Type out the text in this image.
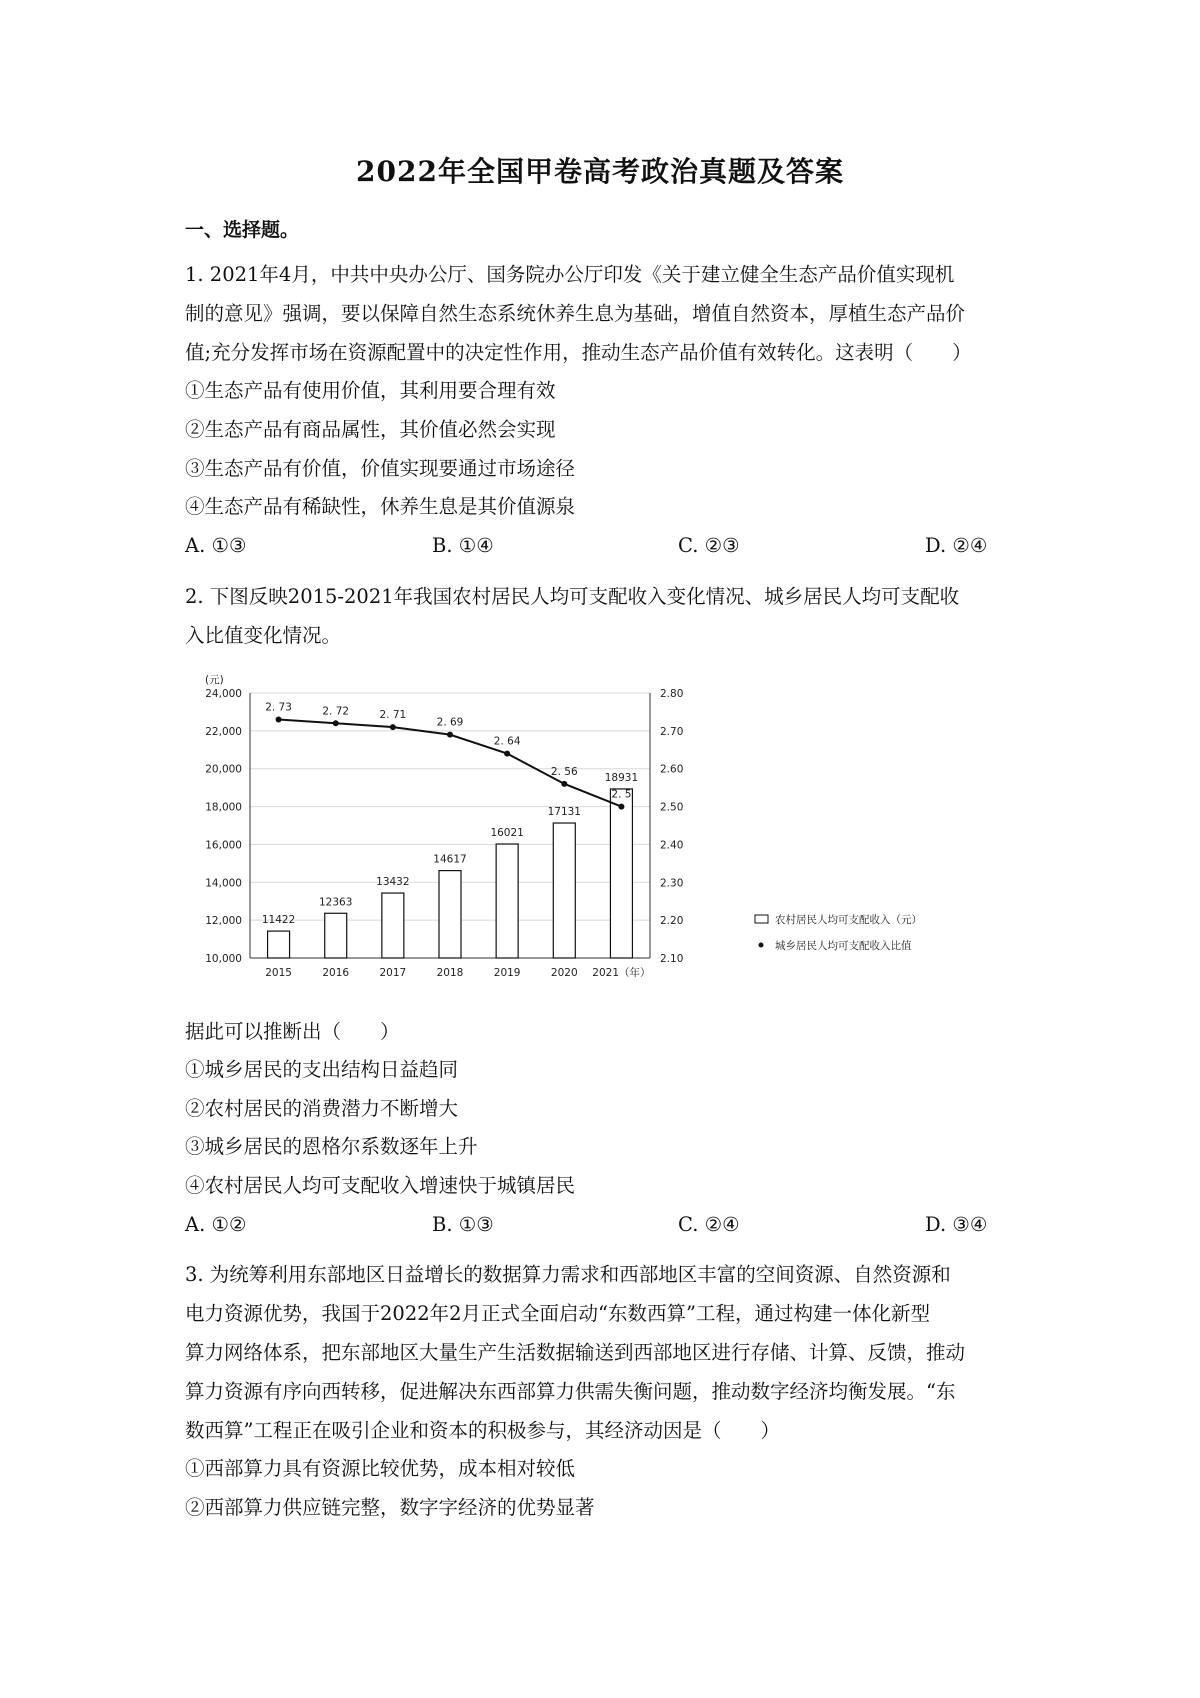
2022年全国甲卷高考政治真题及答案
一、选择题。
1. 2021年4月，中共中央办公厅、国务院办公厅印发《关于建立健全生态产品价值实现机
制的意见》强调，要以保障自然生态系统休养生息为基础，增值自然资本，厚植生态产品价
值;充分发挥市场在资源配置中的决定性作用，推动生态产品价值有效转化。这表明（　　）
①生态产品有使用价值，其利用要合理有效
②生态产品有商品属性，其价值必然会实现
③生态产品有价值，价值实现要通过市场途径
④生态产品有稀缺性，休养生息是其价值源泉
A. ①③	B. ①④	C. ②③	D. ②④
2. 下图反映2015-2021年我国农村居民人均可支配收入变化情况、城乡居民人均可支配收
入比值变化情况。
(元)
24,000
22,000
20,000
18,000
16,000
14,000
12,000
10,000
2.80
2.70
2.60
2.50
2.40
2.30
2.20
2.10
2015	2016	2017	2018	2019	2020 2021（年）
11422
12363
13432
14617
16021
17131
18931
2. 73	2. 72	2. 71
2. 69
2. 64
2. 56
2. 5
农村居民人均可支配收入（元）
城乡居民人均可支配收入比值
据此可以推断出（　　）
①城乡居民的支出结构日益趋同
②农村居民的消费潜力不断增大
③城乡居民的恩格尔系数逐年上升
④农村居民人均可支配收入增速快于城镇居民
A. ①②	B. ①③	C. ②④	D. ③④
3. 为统筹利用东部地区日益增长的数据算力需求和西部地区丰富的空间资源、自然资源和
电力资源优势，我国于2022年2月正式全面启动“东数西算”工程，通过构建一体化新型
算力网络体系，把东部地区大量生产生活数据输送到西部地区进行存储、计算、反馈，推动
算力资源有序向西转移，促进解决东西部算力供需失衡问题，推动数字经济均衡发展。“东
数西算”工程正在吸引企业和资本的积极参与，其经济动因是（　　）
①西部算力具有资源比较优势，成本相对较低
②西部算力供应链完整，数字字经济的优势显著
